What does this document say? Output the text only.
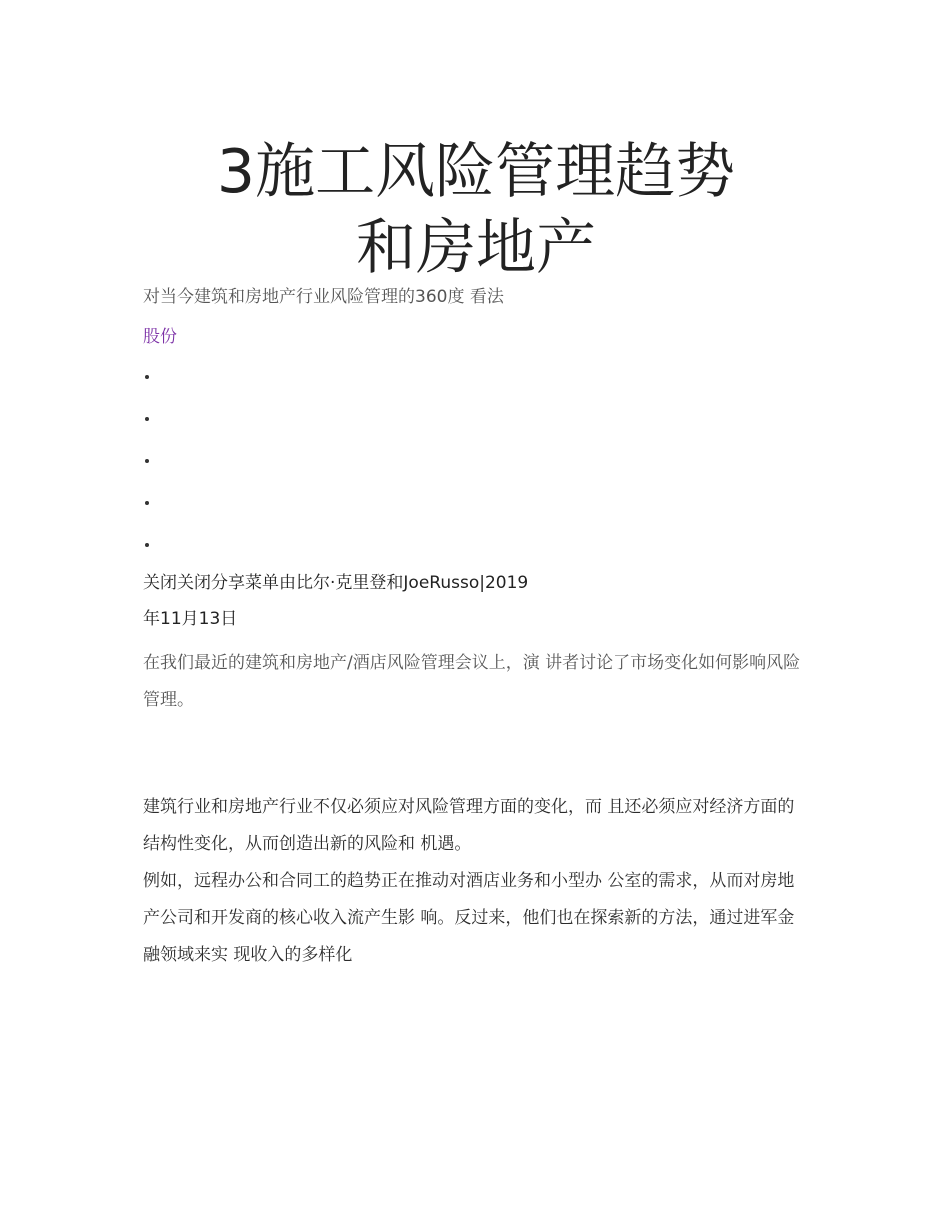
3施工风险管理趋势
和房地产
对当今建筑和房地产行业风险管理的360度 看法
股份
关闭关闭分享菜单由比尔·克里登和JoeRusso|2019
年11月13日

在我们最近的建筑和房地产/酒店风险管理会议上，演 讲者讨论了市场变化如何影响风险管理。

建筑行业和房地产行业不仅必须应对风险管理方面的变化，而 且还必须应对经济方面的结构性变化，从而创造出新的风险和 机遇。

例如，远程办公和合同工的趋势正在推动对酒店业务和小型办 公室的需求，从而对房地产公司和开发商的核心收入流产生影 响。反过来，他们也在探索新的方法，通过进军金融领域来实 现收入的多样化
